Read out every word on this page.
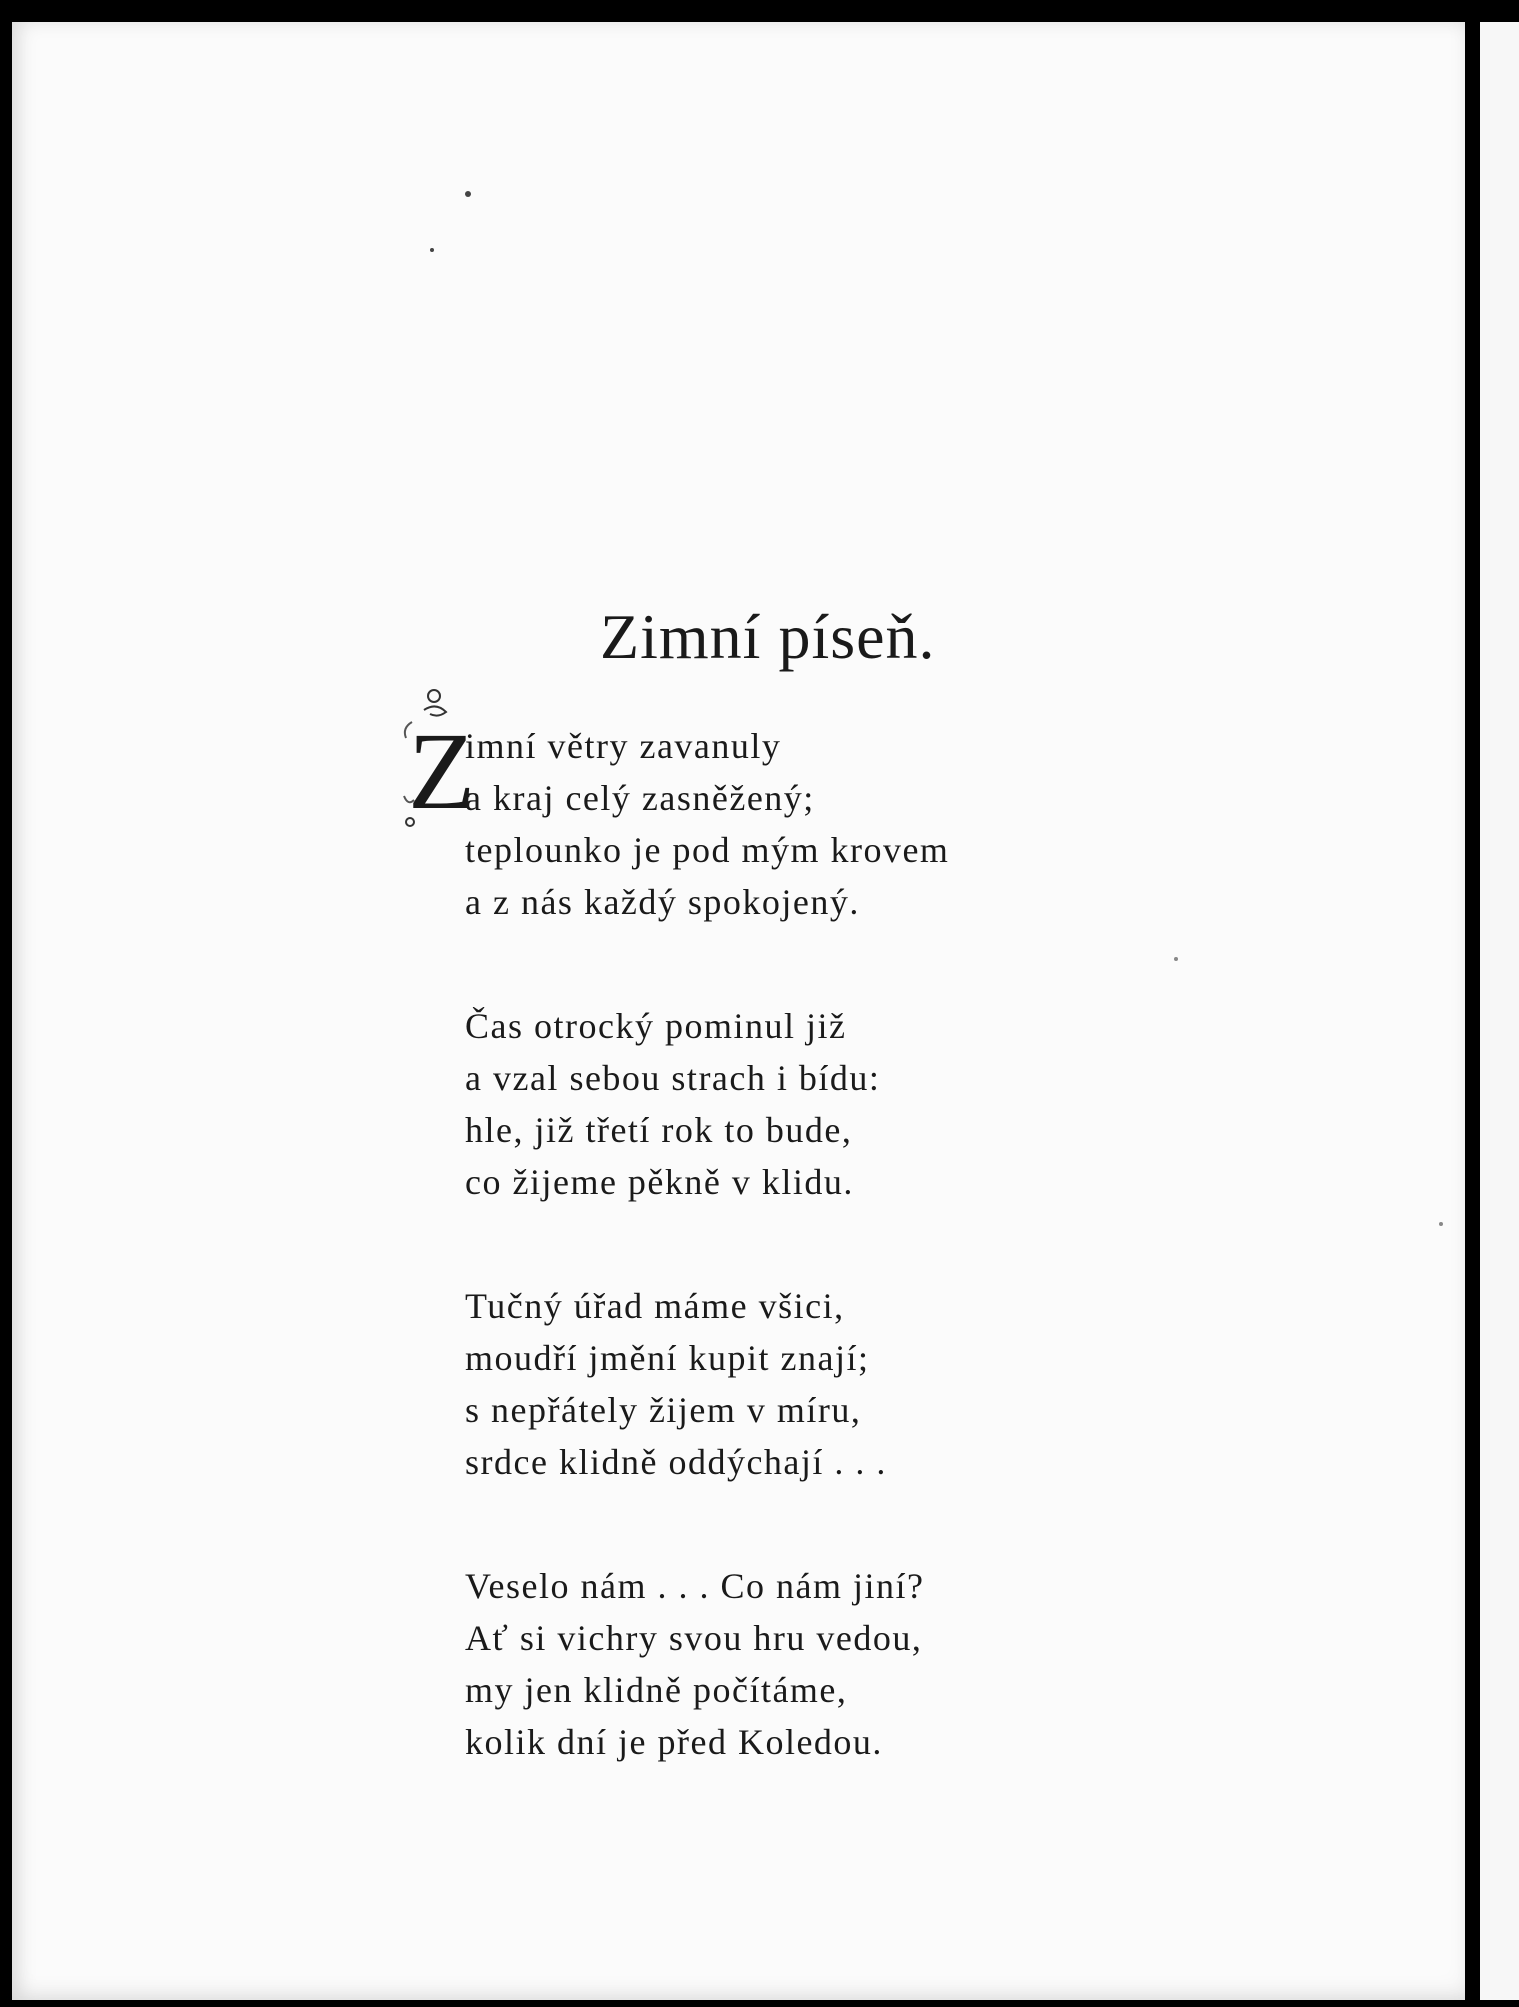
Zimní píseň.
Z
imní větry zavanuly
a kraj celý zasněžený;
teplounko je pod mým krovem
a z nás každý spokojený.
Čas otrocký pominul již
a vzal sebou strach i bídu:
hle, již třetí rok to bude,
co žijeme pěkně v klidu.
Tučný úřad máme všici,
moudří jmění kupit znají;
s nepřátely žijem v míru,
srdce klidně oddýchají . . .
Veselo nám . . . Co nám jiní?
Ať si vichry svou hru vedou,
my jen klidně počítáme,
kolik dní je před Koledou.
